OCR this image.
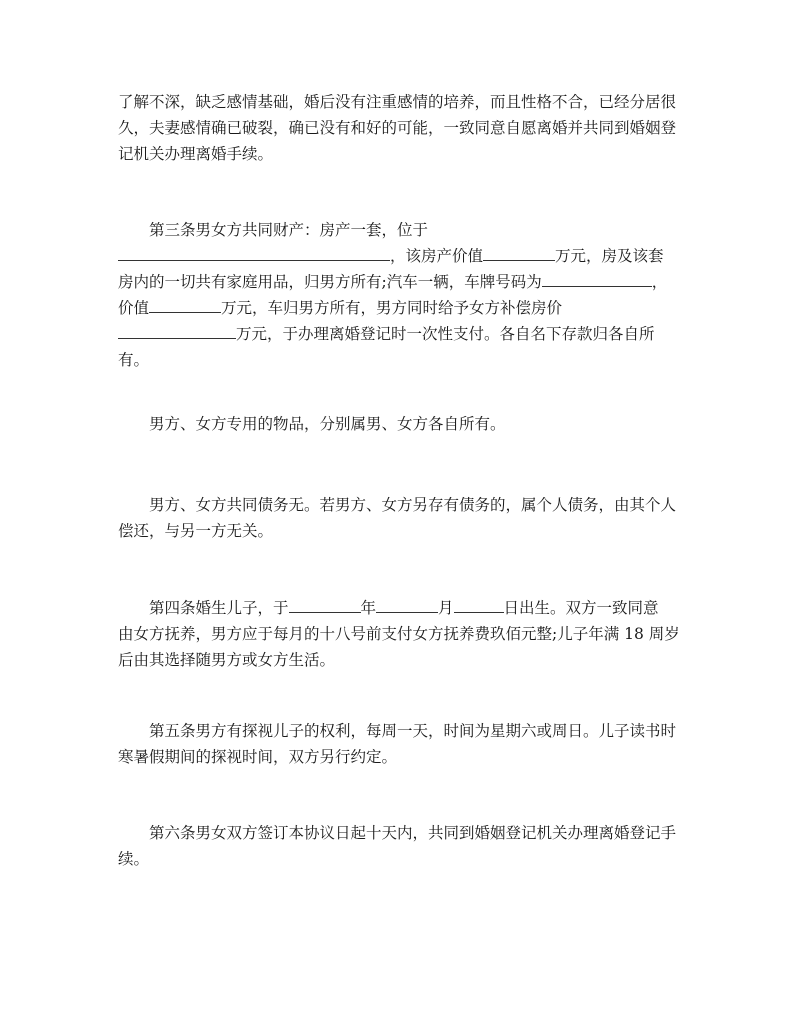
了解不深，缺乏感情基础，婚后没有注重感情的培养，而且性格不合，已经分居很
久，夫妻感情确已破裂，确已没有和好的可能，一致同意自愿离婚并共同到婚姻登
记机关办理离婚手续。
第三条男女方共同财产：房产一套，位于
，该房产价值	万元，房及该套
房内的一切共有家庭用品，归男方所有;汽车一辆，车牌号码为	，
价值	万元，车归男方所有，男方同时给予女方补偿房价
万元，于办理离婚登记时一次性支付。各自名下存款归各自所
有。
男方、女方专用的物品，分别属男、女方各自所有。
男方、女方共同债务无。若男方、女方另存有债务的，属个人债务，由其个人
偿还，与另一方无关。
第四条婚生儿子，于	年	月	日出生。双方一致同意
由女方抚养，男方应于每月的十八号前支付女方抚养费玖佰元整;儿子年满 18 周岁
后由其选择随男方或女方生活。
第五条男方有探视儿子的权利，每周一天，时间为星期六或周日。儿子读书时
寒暑假期间的探视时间，双方另行约定。
第六条男女双方签订本协议日起十天内，共同到婚姻登记机关办理离婚登记手
续。
